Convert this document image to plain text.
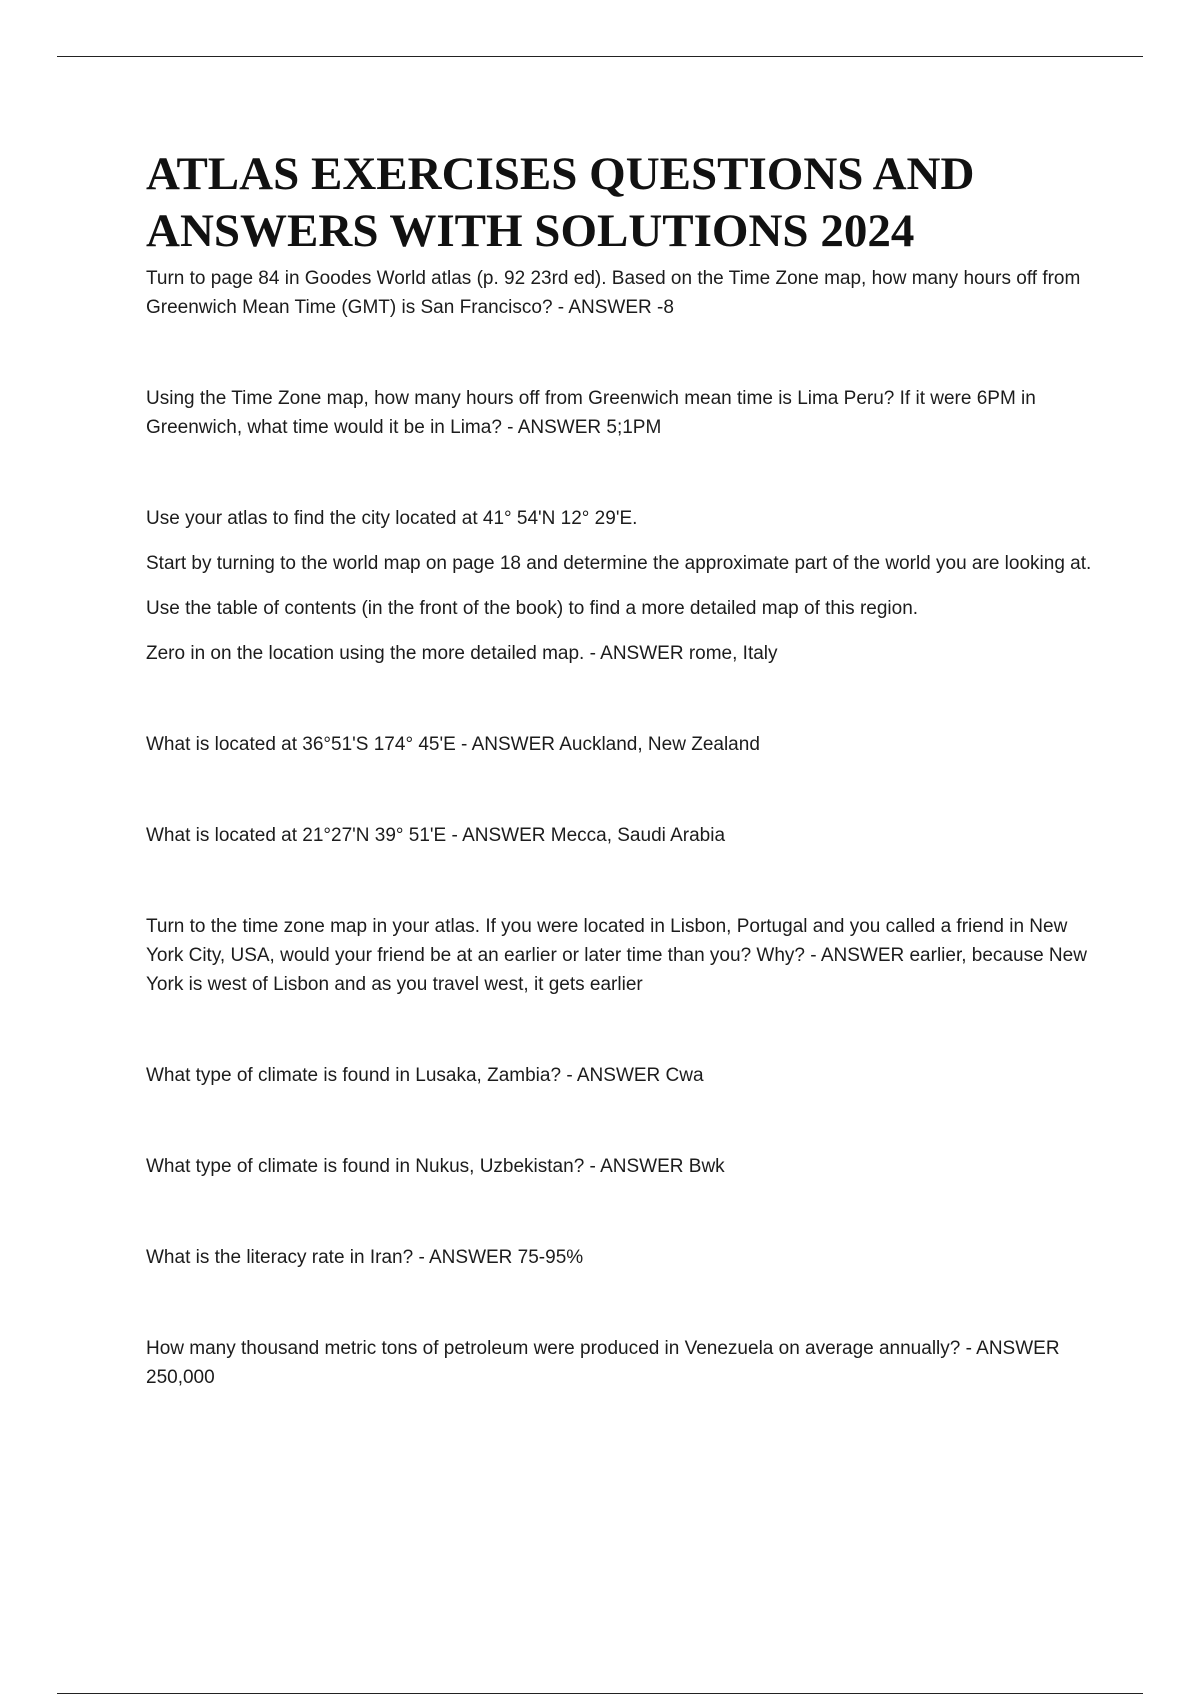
ATLAS EXERCISES QUESTIONS AND ANSWERS WITH SOLUTIONS 2024

Turn to page 84 in Goodes World atlas (p. 92 23rd ed). Based on the Time Zone map, how many hours off from Greenwich Mean Time (GMT) is San Francisco? - ANSWER -8

Using the Time Zone map, how many hours off from Greenwich mean time is Lima Peru? If it were 6PM in Greenwich, what time would it be in Lima? - ANSWER 5;1PM

Use your atlas to find the city located at 41° 54'N 12° 29'E.

Start by turning to the world map on page 18 and determine the approximate part of the world you are looking at.

Use the table of contents (in the front of the book) to find a more detailed map of this region.

Zero in on the location using the more detailed map. - ANSWER rome, Italy

What is located at 36°51'S 174° 45'E - ANSWER Auckland, New Zealand

What is located at 21°27'N 39° 51'E - ANSWER Mecca, Saudi Arabia

Turn to the time zone map in your atlas. If you were located in Lisbon, Portugal and you called a friend in New York City, USA, would your friend be at an earlier or later time than you? Why? - ANSWER earlier, because New York is west of Lisbon and as you travel west, it gets earlier

What type of climate is found in Lusaka, Zambia? - ANSWER Cwa

What type of climate is found in Nukus, Uzbekistan? - ANSWER Bwk

What is the literacy rate in Iran? - ANSWER 75-95%

How many thousand metric tons of petroleum were produced in Venezuela on average annually? - ANSWER 250,000
